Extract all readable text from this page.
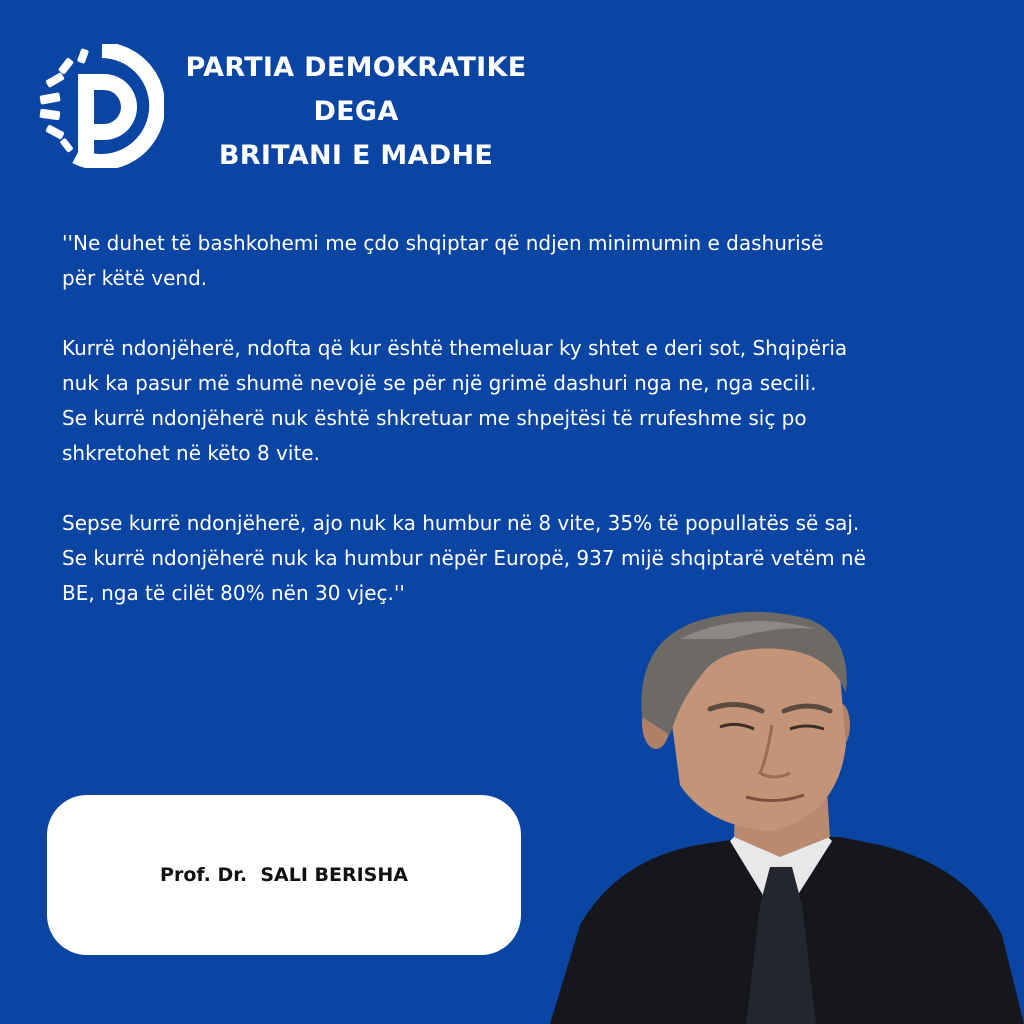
PARTIA DEMOKRATIKE
DEGA
BRITANI E MADHE

''Ne duhet të bashkohemi me çdo shqiptar që ndjen minimumin e dashurisë
për këtë vend.

Kurrë ndonjëherë, ndofta që kur është themeluar ky shtet e deri sot, Shqipëria
nuk ka pasur më shumë nevojë se për një grimë dashuri nga ne, nga secili.
Se kurrë ndonjëherë nuk është shkretuar me shpejtësi të rrufeshme siç po
shkretohet në këto 8 vite.

Sepse kurrë ndonjëherë, ajo nuk ka humbur në 8 vite, 35% të popullatës së saj.
Se kurrë ndonjëherë nuk ka humbur nëpër Europë, 937 mijë shqiptarë vetëm në
BE, nga të cilët 80% nën 30 vjeç.''

Prof. Dr.  SALI BERISHA
